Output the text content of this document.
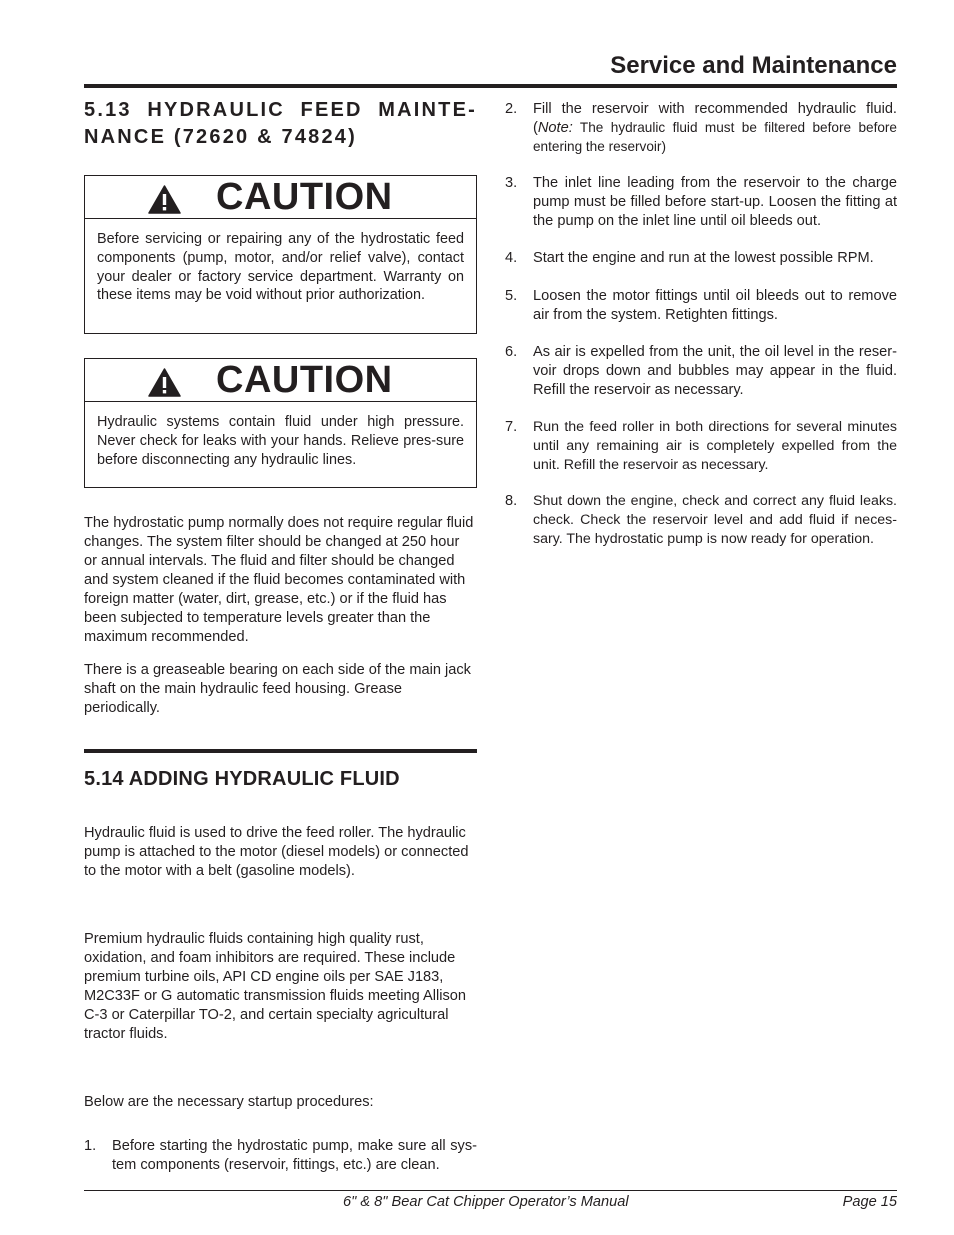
Service and Maintenance
5.13 HYDRAULIC FEED MAINTE-NANCE (72620 & 74824)
CAUTION
Before servicing or repairing any of the hydrostatic feed components (pump, motor, and/or relief valve), contact your dealer or factory service department. Warranty on these items may be void without prior authorization.
CAUTION
Hydraulic systems contain fluid under high pressure. Never check for leaks with your hands. Relieve pres-sure before disconnecting any hydraulic lines.
The hydrostatic pump normally does not require regular fluid changes. The system filter should be changed at 250 hour or annual intervals. The fluid and filter should be changed and system cleaned if the fluid becomes contaminated with foreign matter (water, dirt, grease, etc.) or if the fluid has been subjected to temperature levels greater than the maximum recommended.
There is a greaseable bearing on each side of the main jack shaft on the main hydraulic feed housing. Grease periodically.
5.14 ADDING HYDRAULIC FLUID
Hydraulic fluid is used to drive the feed roller. The hydraulic pump is attached to the motor (diesel models) or connected to the motor with a belt (gasoline models).
Premium hydraulic fluids containing high quality rust, oxidation, and foam inhibitors are required. These include premium turbine oils, API CD engine oils per SAE J183, M2C33F or G automatic transmission fluids meeting Allison C-3 or Caterpillar TO-2, and certain specialty agricultural tractor fluids.
Below are the necessary startup procedures:
1. Before starting the hydrostatic pump, make sure all sys-tem components (reservoir, fittings, etc.) are clean.
2. Fill the reservoir with recommended hydraulic fluid. (Note: The hydraulic fluid must be filtered before before entering the reservoir)
3. The inlet line leading from the reservoir to the charge pump must be filled before start-up. Loosen the fitting at the pump on the inlet line until oil bleeds out.
4. Start the engine and run at the lowest possible RPM.
5. Loosen the motor fittings until oil bleeds out to remove air from the system. Retighten fittings.
6. As air is expelled from the unit, the oil level in the reser-voir drops down and bubbles may appear in the fluid. Refill the reservoir as necessary.
7. Run the feed roller in both directions for several minutes until any remaining air is completely expelled from the unit. Refill the reservoir as necessary.
8. Shut down the engine, check and correct any fluid leaks. check. Check the reservoir level and add fluid if neces-sary. The hydrostatic pump is now ready for operation.
6" & 8" Bear Cat Chipper Operator’s Manual	Page 15
